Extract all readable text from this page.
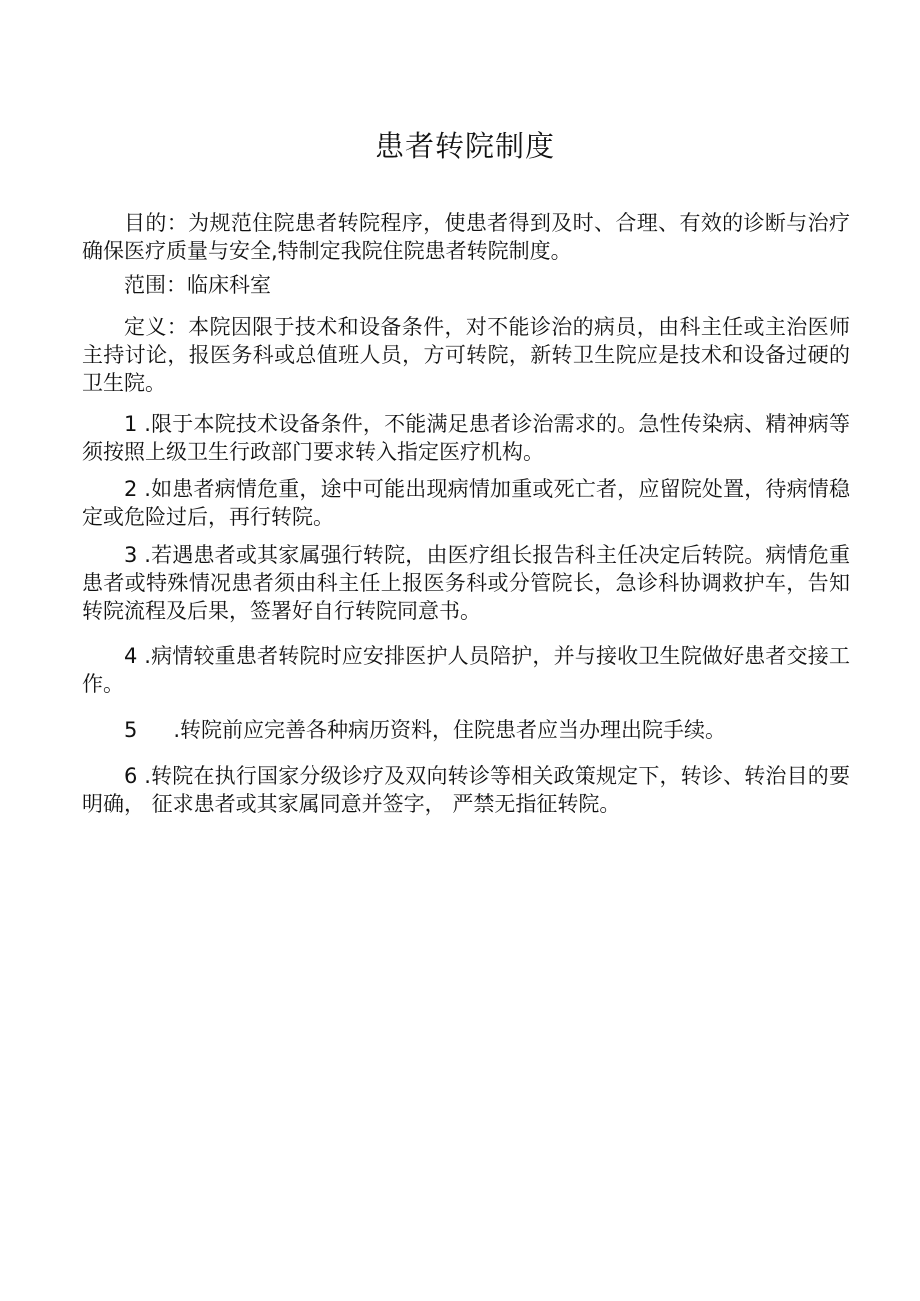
患者转院制度

目的：为规范住院患者转院程序，使患者得到及时、合理、有效的诊断与治疗确保医疗质量与安全,特制定我院住院患者转院制度。

范围：临床科室

定义：本院因限于技术和设备条件，对不能诊治的病员，由科主任或主治医师主持讨论，报医务科或总值班人员，方可转院，新转卫生院应是技术和设备过硬的卫生院。

1 .限于本院技术设备条件，不能满足患者诊治需求的。急性传染病、精神病等须按照上级卫生行政部门要求转入指定医疗机构。

2 .如患者病情危重，途中可能出现病情加重或死亡者，应留院处置，待病情稳定或危险过后，再行转院。

3 .若遇患者或其家属强行转院，由医疗组长报告科主任决定后转院。病情危重患者或特殊情况患者须由科主任上报医务科或分管院长，急诊科协调救护车，告知转院流程及后果，签署好自行转院同意书。

4 .病情较重患者转院时应安排医护人员陪护，并与接收卫生院做好患者交接工作。

5 .转院前应完善各种病历资料，住院患者应当办理出院手续。

6 .转院在执行国家分级诊疗及双向转诊等相关政策规定下，转诊、转治目的要明确， 征求患者或其家属同意并签字， 严禁无指征转院。
